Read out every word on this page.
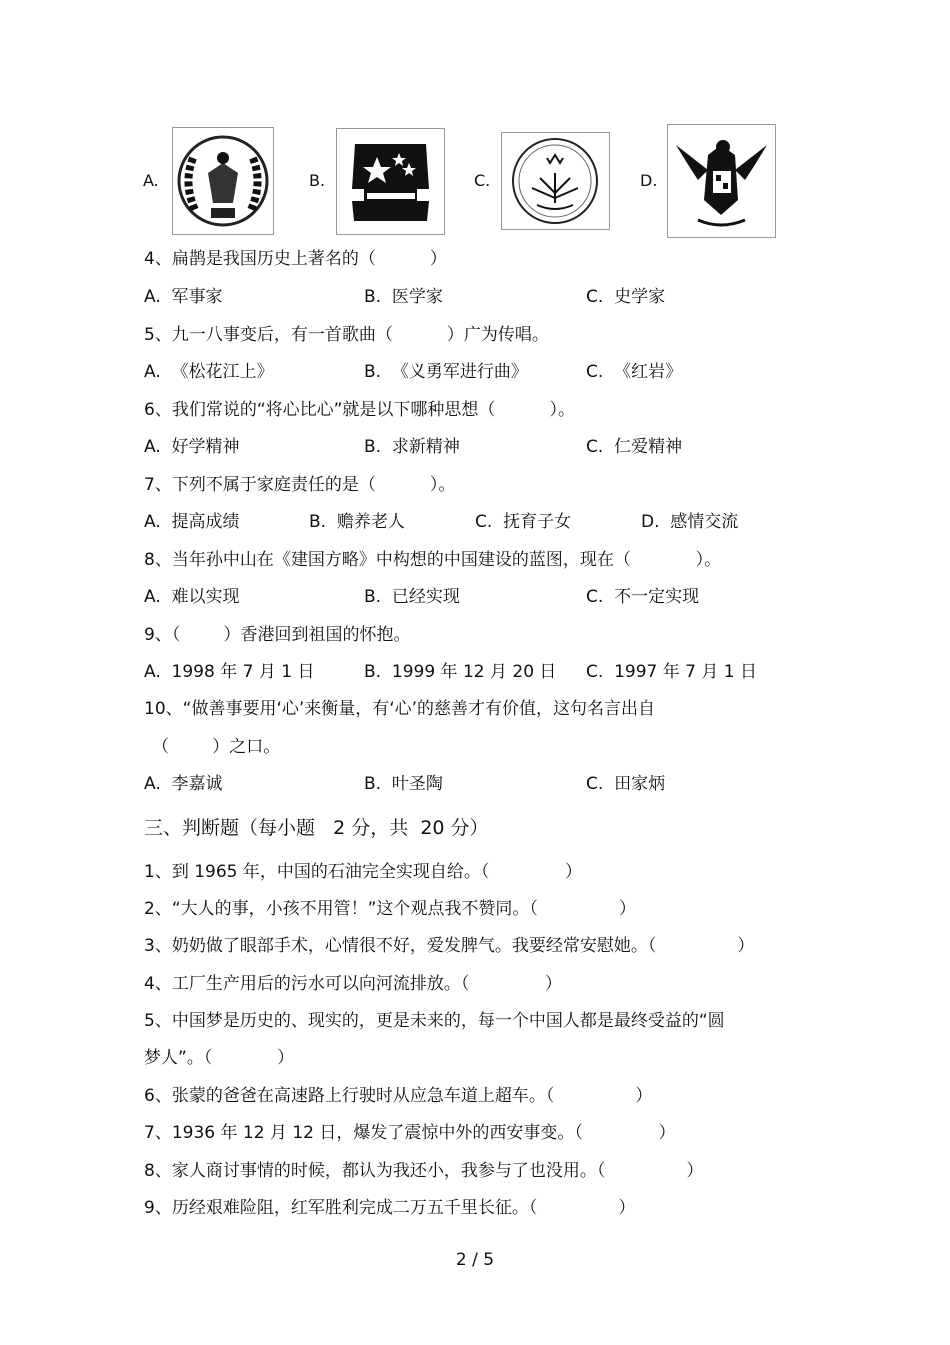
A.	B.	C.	D.
4、扁鹊是我国历史上著名的（          ）
A.  军事家	B.  医学家	C.  史学家
5、九一八事变后，有一首歌曲（          ）广为传唱。
A.  《松花江上》	B.  《义勇军进行曲》	C.  《红岩》
6、我们常说的“将心比心”就是以下哪种思想（          ）。
A.  好学精神	B.  求新精神	C.  仁爱精神
7、下列不属于家庭责任的是（          ）。
A.  提高成绩	B.  赡养老人	C.  抚育子女	D.  感情交流
8、当年孙中山在《建国方略》中构想的中国建设的蓝图，现在（            ）。
A.  难以实现	B.  已经实现	C.  不一定实现
9、（        ）香港回到祖国的怀抱。
A.  1998 年 7 月 1 日	B.  1999 年 12 月 20 日 C.  1997 年 7 月 1 日
10、“做善事要用‘心’来衡量，有‘心’的慈善才有价值，这句名言出自
（        ）之口。
A.  李嘉诚	B.  叶圣陶	C.  田家炳
三、判断题（每小题   2 分，共  20 分）
1、到 1965 年，中国的石油完全实现自给。（              ）
2、“大人的事，小孩不用管！”这个观点我不赞同。（               ）
3、奶奶做了眼部手术，心情很不好，爱发脾气。我要经常安慰她。（               ）
4、工厂生产用后的污水可以向河流排放。（              ）
5、中国梦是历史的、现实的，更是未来的，每一个中国人都是最终受益的“圆
梦人”。（            ）
6、张蒙的爸爸在高速路上行驶时从应急车道上超车。（               ）
7、1936 年 12 月 12 日，爆发了震惊中外的西安事变。（              ）
8、家人商讨事情的时候，都认为我还小，我参与了也没用。（               ）
9、历经艰难险阻，红军胜利完成二万五千里长征。（               ）
2 / 5
